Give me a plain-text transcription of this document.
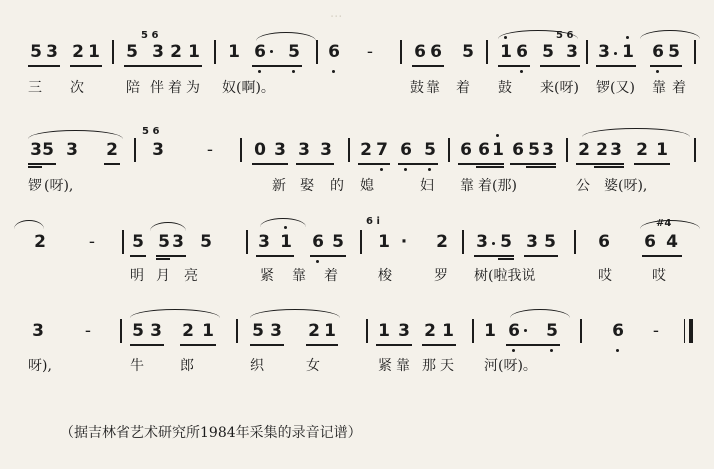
···
5 3 2 1 5
5 6
3 2 1 1 6 5 6 - 6 6 5 1 6 5
5 6
3 3 1 6 5
三 次	陪 伴 着 为 奴(啊)。	鼓 靠 着 鼓 来(呀) 锣(又) 靠 着
3 5 3 2
5 6
3	- 0 3 3 3 2 7 6 5 6 6 1 6 5 3 2 2 3 2 1
锣 (呀),	新 娶 的 媳	妇 靠 着(那)	公 婆(呀),
2	- 5 5 3 5	3 1 6 5
6 i
1 · 2 3 5 3 5 6 6
#4
4
明 月 亮	紧 靠 着	梭	罗 树(啦我说	哎	哎
3 - 5 3 2 1 5 3 2 1 1 3 2 1 1 6 5	6 -
呀),	牛	郎	织	女	紧 靠 那 天 河(呀)。
（据吉林省艺术研究所1984年采集的录音记谱）
